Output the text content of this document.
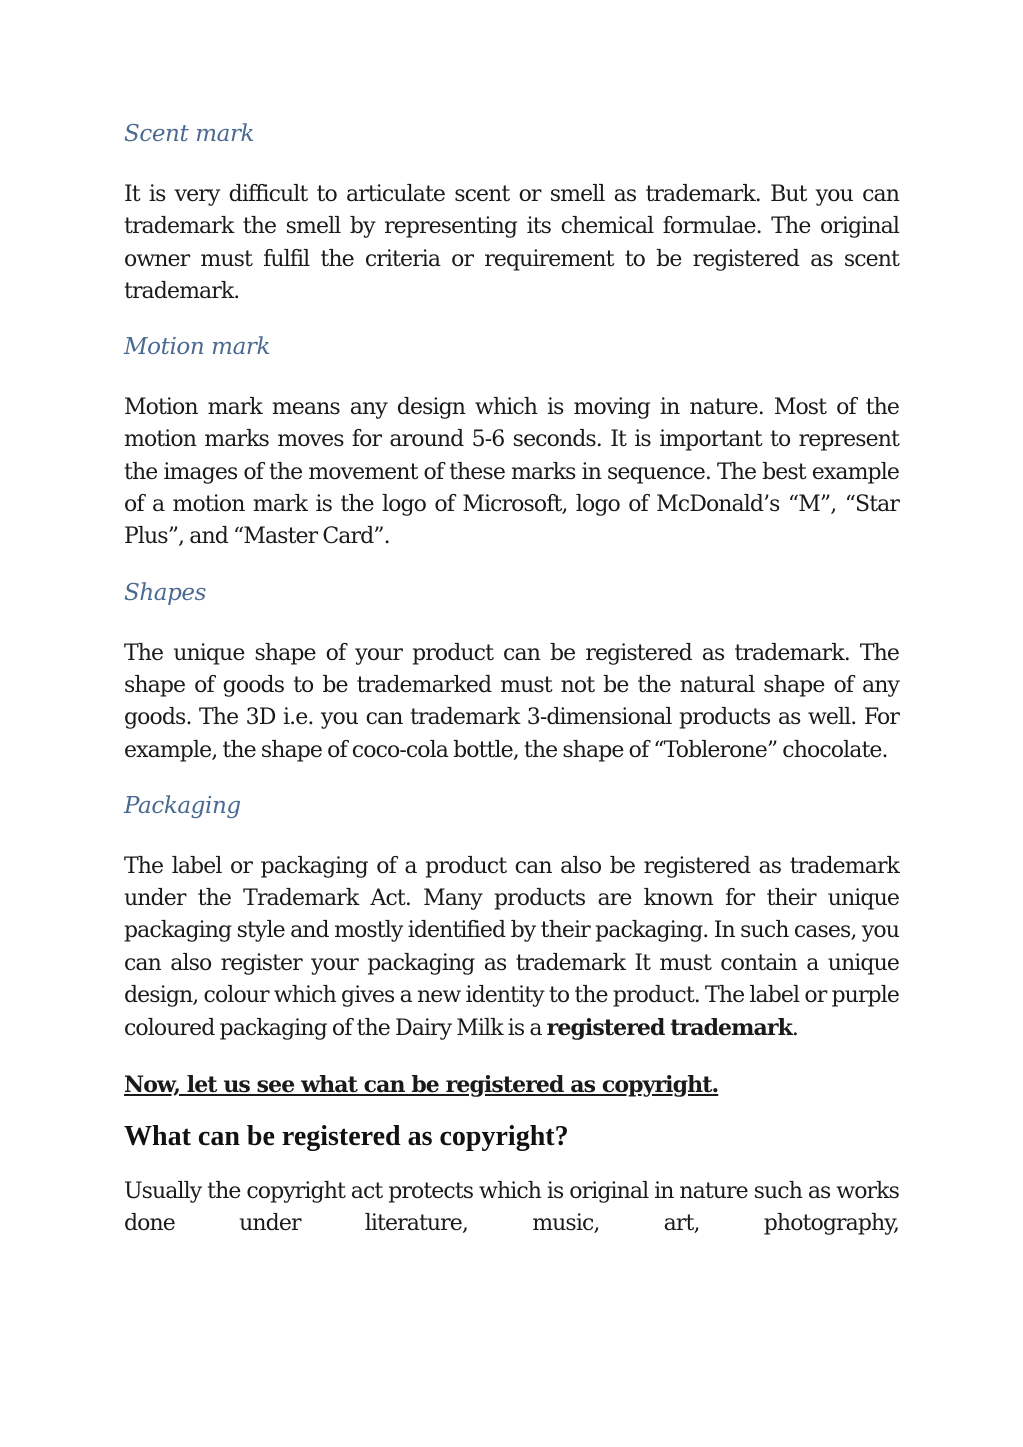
Scent mark

It is very difficult to articulate scent or smell as trademark. But you can trademark the smell by representing its chemical formulae. The original owner must fulfil the criteria or requirement to be registered as scent trademark.

Motion mark

Motion mark means any design which is moving in nature. Most of the motion marks moves for around 5-6 seconds. It is important to represent the images of the movement of these marks in sequence. The best example of a motion mark is the logo of Microsoft, logo of McDonald’s “M”, “Star Plus”, and “Master Card”.

Shapes

The unique shape of your product can be registered as trademark. The shape of goods to be trademarked must not be the natural shape of any goods. The 3D i.e. you can trademark 3-dimensional products as well. For example, the shape of coco-cola bottle, the shape of “Toblerone” chocolate.

Packaging

The label or packaging of a product can also be registered as trademark under the Trademark Act. Many products are known for their unique packaging style and mostly identified by their packaging. In such cases, you can also register your packaging as trademark It must contain a unique design, colour which gives a new identity to the product. The label or purple coloured packaging of the Dairy Milk is a registered trademark.

Now, let us see what can be registered as copyright.
What can be registered as copyright?

Usually the copyright act protects which is original in nature such as works done under literature, music, art, photography,
